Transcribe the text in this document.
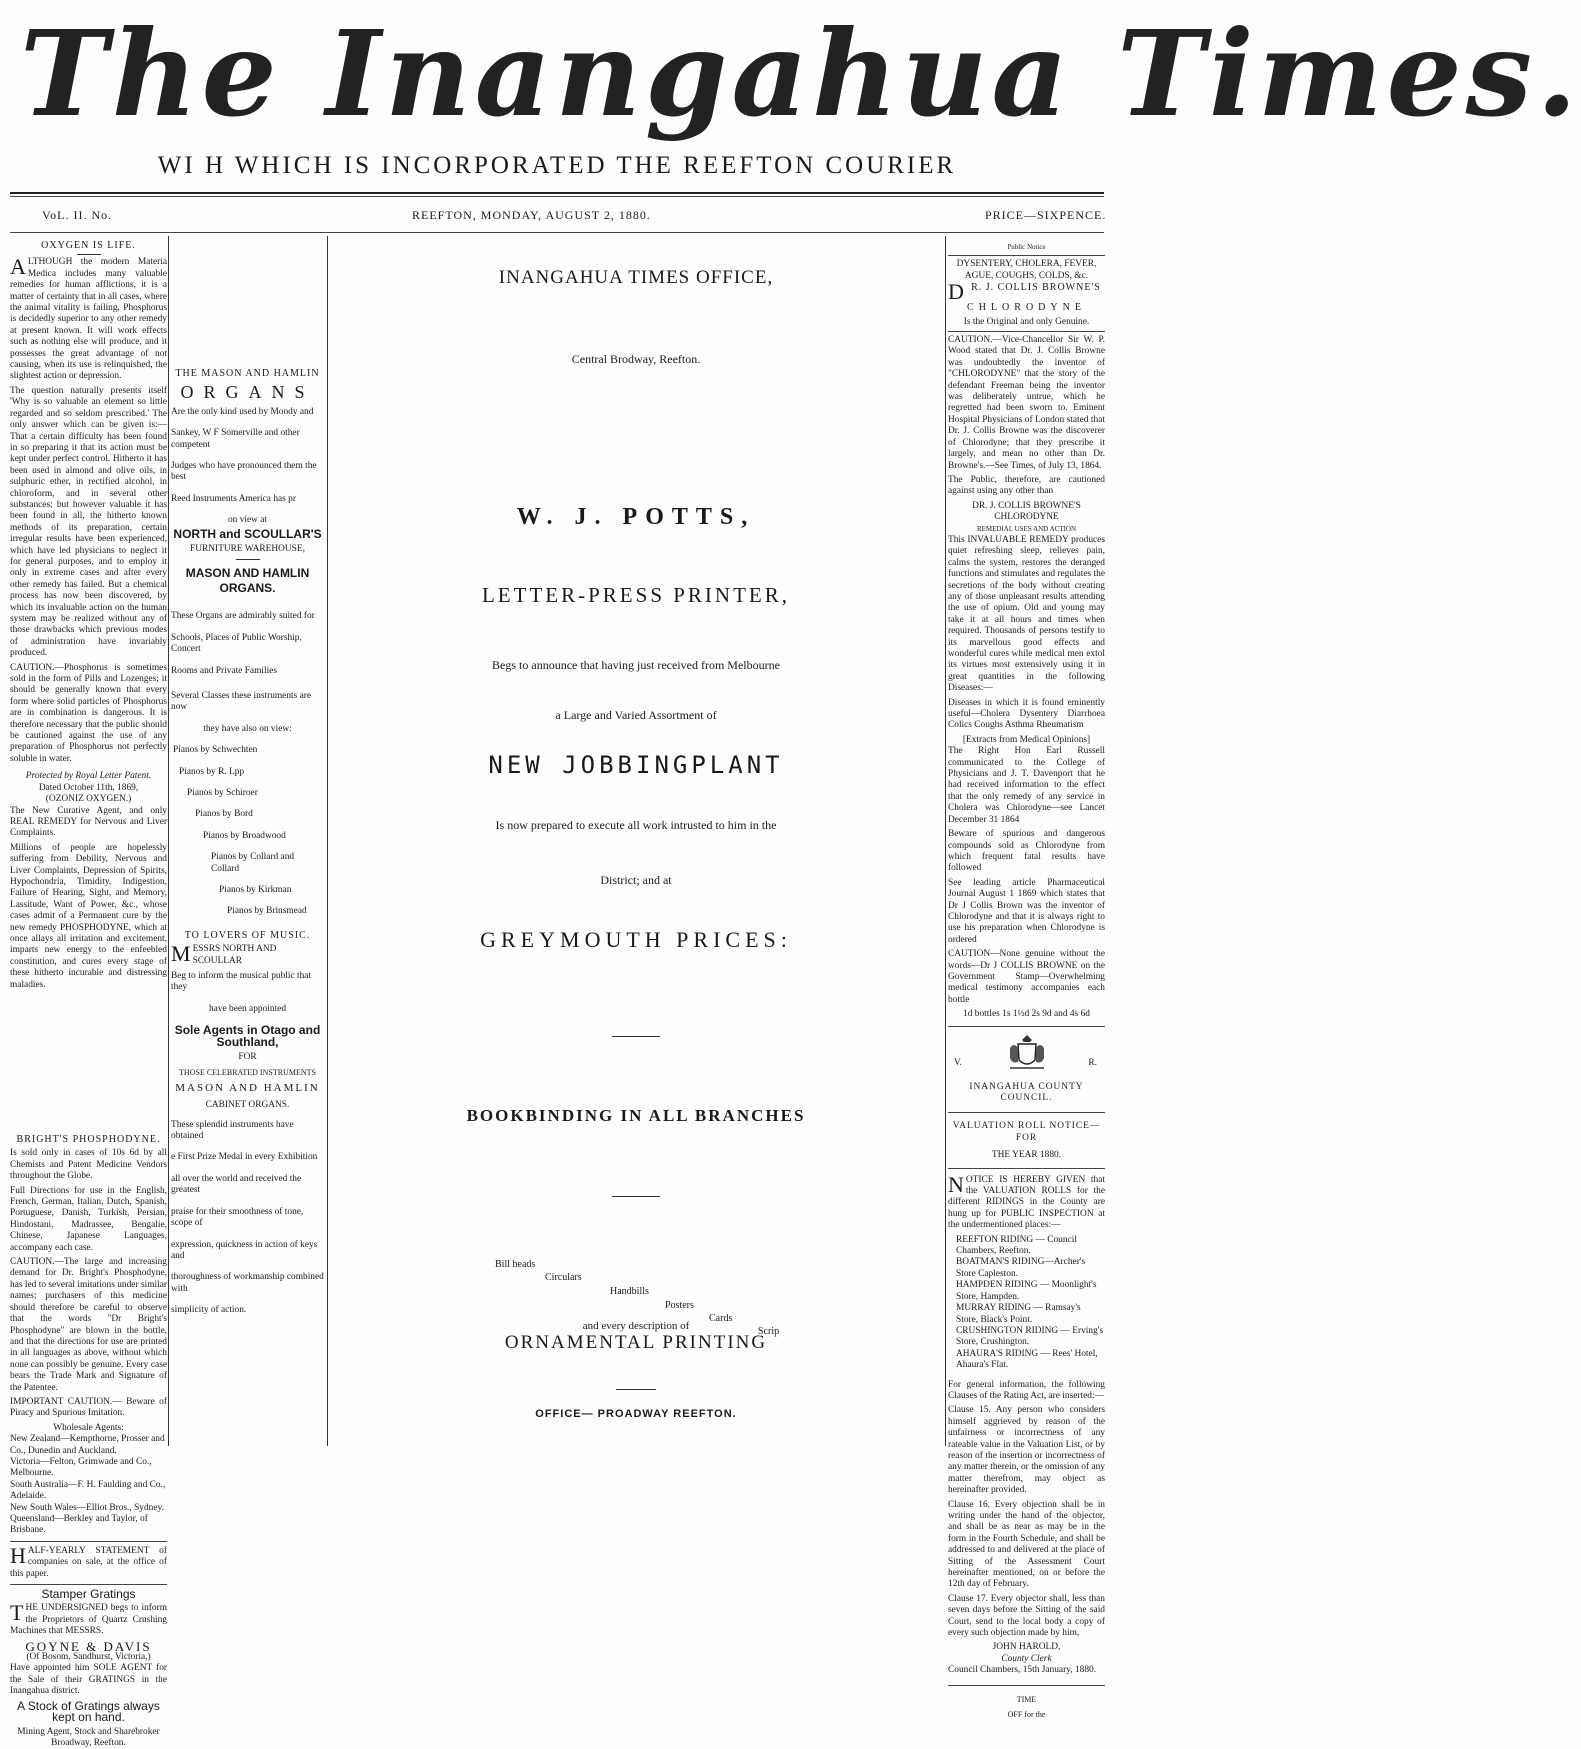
The Inangahua Times.
WI H WHICH IS INCORPORATED THE REEFTON COURIER
VoL. II. No.	REEFTON, MONDAY, AUGUST 2, 1880.	PRICE—SIXPENCE.
OXYGEN IS LIFE.

ALTHOUGH the modern Materia Medica includes many valuable remedies for human afflictions, it is a matter of certainty that in all cases, where the animal vitality is failing, Phosphorus is decidedly superior to any other remedy at present known. It will work effects such as nothing else will produce, and it possesses the great advantage of not causing, when its use is relinquished, the slightest action or depression.

The question naturally presents itself 'Why is so valuable an element so little regarded and so seldom prescribed.' The only answer which can be given is:—That a certain difficulty has been found in so preparing it that its action must be kept under perfect control. Hitherto it has been used in almond and olive oils, in sulphuric ether, in rectified alcohol, in chloroform, and in several other substances; but however valuable it has been found in all, the hitherto known methods of its preparation, certain irregular results have been experienced, which have led physicians to neglect it for general purposes, and to employ it only in extreme cases and after every other remedy has failed. But a chemical process has now been discovered, by which its invaluable action on the human system may be realized without any of those drawbacks which previous modes of administration have invariably produced.

CAUTION.—Phosphorus is sometimes sold in the form of Pills and Lozenges; it should be generally known that every form where solid particles of Phosphorus are in combination is dangerous. It is therefore necessary that the public should be cautioned against the use of any preparation of Phosphorus not perfectly soluble in water.

Protected by Royal Letter Patent.
Dated October 11th, 1869,
(OZONIZ OXYGEN.)

The New Curative Agent, and only REAL REMEDY for Nervous and Liver Complaints.

Millions of people are hopelessly suffering from Debility, Nervous and Liver Complaints, Depression of Spirits, Hypochondria, Timidity, Indigestion, Failure of Hearing, Sight, and Memory, Lassitude, Want of Power, &c., whose cases admit of a Permanent cure by the new remedy PHOSPHODYNE, which at once allays all irritation and excitement, imparts new energy to the enfeebled constitution, and cures every stage of these hitherto incurable and distressing maladies.

BRIGHT'S PHOSPHODYNE.

Is sold only in cases of 10s 6d by all Chemists and Patent Medicine Vendors throughout the Globe.

Full Directions for use in the English, French, German, Italian, Dutch, Spanish, Portuguese, Danish, Turkish, Persian, Hindostani, Madrassee, Bengalie, Chinese, Japanese Languages, accompany each case.

CAUTION.—The large and increasing demand for Dr. Bright's Phosphodyne, has led to several imitations under similar names; purchasers of this medicine should therefore be careful to observe that the words "Dr Bright's Phosphodyne" are blown in the bottle, and that the directions for use are printed in all languages as above, without which none can possibly be genuine. Every case bears the Trade Mark and Signature of the Patentee.

IMPORTANT CAUTION.— Beware of Piracy and Spurious Imitation.

Wholesale Agents:
New Zealand—Kempthorne, Prosser and Co., Dunedin and Auckland.
Victoria—Felton, Grimwade and Co., Melbourne.
South Australia—F. H. Faulding and Co., Adelaide.
New South Wales—Elliot Bros., Sydney.
Queensland—Berkley and Taylor, of Brisbane.

HALF-YEARLY STATEMENT of companies on sale, at the office of this paper.

Stamper Gratings

THE UNDERSIGNED begs to inform the Proprietors of Quartz Crushing Machines that MESSRS.

GOYNE & DAVIS
(Of Bosom, Sandhurst, Victoria,)

Have appointed him SOLE AGENT for the Sale of their GRATINGS in the Inangahua district.

A Stock of Gratings always kept on hand.
Mining Agent, Stock and Sharebroker Broadway, Reefton.
THE MASON AND HAMLIN
ORGANS
Are the only kind used by Moody and
Sankey, W F Somerville and other competent
Judges who have pronounced them the best
Reed Instruments America has pr
on view at
NORTH and SCOULLAR'S
FURNITURE WAREHOUSE,
MASON AND HAMLIN
ORGANS.
These Organs are admirably suited for
Schools, Places of Public Worship, Concert
Rooms and Private Families
Several Classes these instruments are now
they have also on view:
Pianos by Schwechten
Pianos by R. Lpp
Pianos by Schiroer
Pianos by Bord
Pianos by Broadwood
Pianos by Collard and Collard
Pianos by Kirkman
Pianos by Brinsmead
TO LOVERS OF MUSIC.
MESSRS NORTH AND SCOULLAR
Beg to inform the musical public that they
have been appointed
Sole Agents in Otago and Southland,
FOR
THOSE CELEBRATED INSTRUMENTS
MASON AND HAMLIN
CABINET ORGANS.
These splendid instruments have obtained
e First Prize Medal in every Exhibition
all over the world and received the greatest
praise for their smoothness of tone, scope of
expression, quickness in action of keys and
thoroughness of workmanship combined with
simplicity of action.
INANGAHUA TIMES OFFICE,
Central Brodway, Reefton.
W. J. POTTS,
LETTER-PRESS PRINTER,
Begs to announce that having just received from Melbourne
a Large and Varied Assortment of
NEW JOBBINGPLANT
Is now prepared to execute all work intrusted to him in the
District; and at
GREYMOUTH PRICES:
BOOKBINDING IN ALL BRANCHES
Bill heads
Circulars
Handbills
Posters
Cards
Scrip
and every description of
ORNAMENTAL PRINTING
OFFICE— PROADWAY REEFTON.
Public Notice
DYSENTERY, CHOLERA, FEVER, AGUE, COUGHS, COLDS, &c.
DR. J. COLLIS BROWNE'S
CHLORODYNE
Is the Original and only Genuine.

CAUTION.—Vice-Chancellor Sir W. P. Wood stated that Dr. J. Collis Browne was undoubtedly the inventor of "CHLORODYNE" that the story of the defendant Freeman being the inventor was deliberately untrue, which he regretted had been sworn to. Eminent Hospital Physicians of London stated that Dr. J. Collis Browne was the discoverer of Chlorodyne; that they prescribe it largely, and mean no other than Dr. Browne's.—See Times, of July 13, 1864.

The Public, therefore, are cautioned against using any other than

DR. J. COLLIS BROWNE'S CHLORODYNE
REMEDIAL USES AND ACTION

This INVALUABLE REMEDY produces quiet refreshing sleep, relieves pain, calms the system, restores the deranged functions and stimulates and regulates the secretions of the body without creating any of those unpleasant results attending the use of opium. Old and young may take it at all hours and times when required. Thousands of persons testify to its marvellous good effects and wonderful cures while medical men extol its virtues most extensively using it in great quantities in the following Diseases:—

Diseases in which it is found eminently useful—Cholera Dysentery Diarrhoea Colics Coughs Asthma Rheumatism

[Extracts from Medical Opinions]

The Right Hon Earl Russell communicated to the College of Physicians and J. T. Davenport that he had received information to the effect that the only remedy of any service in Cholera was Chlorodyne—see Lancet December 31 1864

Beware of spurious and dangerous compounds sold as Chlorodyne from which frequent fatal results have followed

See leading article Pharmaceutical Journal August 1 1869 which states that Dr J Collis Brown was the inventor of Chlorodyne and that it is always right to use his preparation when Chlorodyne is ordered

CAUTION—None genuine without the words—Dr J COLLIS BROWNE on the Government Stamp—Overwhelming medical testimony accompanies each bottle

1d bottles 1s 1½d 2s 9d and 4s 6d
V.	R.
INANGAHUA COUNTY COUNCIL.
VALUATION ROLL NOTICE—FOR
THE YEAR 1880.

NOTICE IS HEREBY GIVEN that the VALUATION ROLLS for the different RIDINGS in the County are hung up for PUBLIC INSPECTION at the undermentioned places:—

REEFTON RIDING — Council Chambers, Reefton.
BOATMAN'S RIDING—Archer's Store Capleston.
HAMPDEN RIDING — Moonlight's Store, Hampden.
MURRAY RIDING — Ramsay's Store, Black's Point.
CRUSHINGTON RIDING — Erving's Store, Crushington.
AHAURA'S RIDING — Rees' Hotel, Ahaura's Flat.

For general information, the following Clauses of the Rating Act, are inserted:—

Clause 15. Any person who considers himself aggrieved by reason of the unfairness or incorrectness of any rateable value in the Valuation List, or by reason of the insertion or incorrectness of any matter therein, or the omission of any matter therefrom, may object as hereinafter provided.

Clause 16. Every objection shall be in writing under the hand of the objector, and shall be as near as may be in the form in the Fourth Schedule, and shall be addressed to and delivered at the place of Sitting of the Assessment Court hereinafter mentioned, on or before the 12th day of February.

Clause 17. Every objector shall, less than seven days before the Sitting of the said Court, send to the local body a copy of every such objection made by him,

JOHN HAROLD,
County Clerk
Council Chambers, 15th January, 1880.
TIME
OFF for the
